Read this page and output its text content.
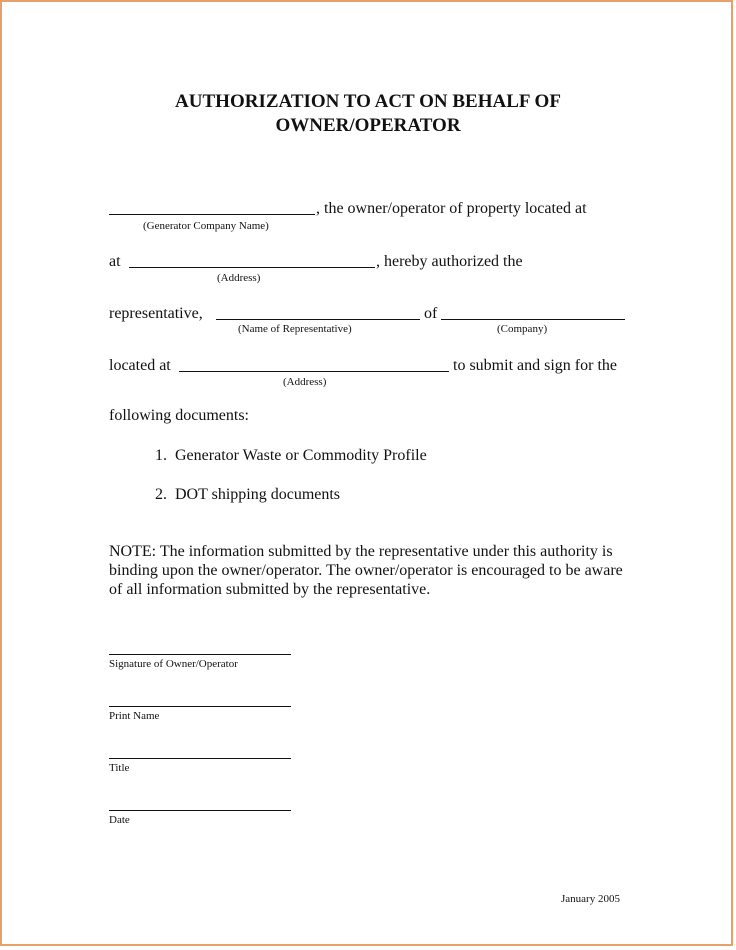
AUTHORIZATION TO ACT ON BEHALF OF
OWNER/OPERATOR
, the owner/operator of property located at
(Generator Company Name)
at	, hereby authorized the
(Address)
representative,	of
(Name of Representative)	(Company)
located at	to submit and sign for the
(Address)
following documents:
1. Generator Waste or Commodity Profile
2. DOT shipping documents
NOTE: The information submitted by the representative under this authority is binding upon the owner/operator. The owner/operator is encouraged to be aware of all information submitted by the representative.
Signature of Owner/Operator
Print Name
Title
Date
January 2005
